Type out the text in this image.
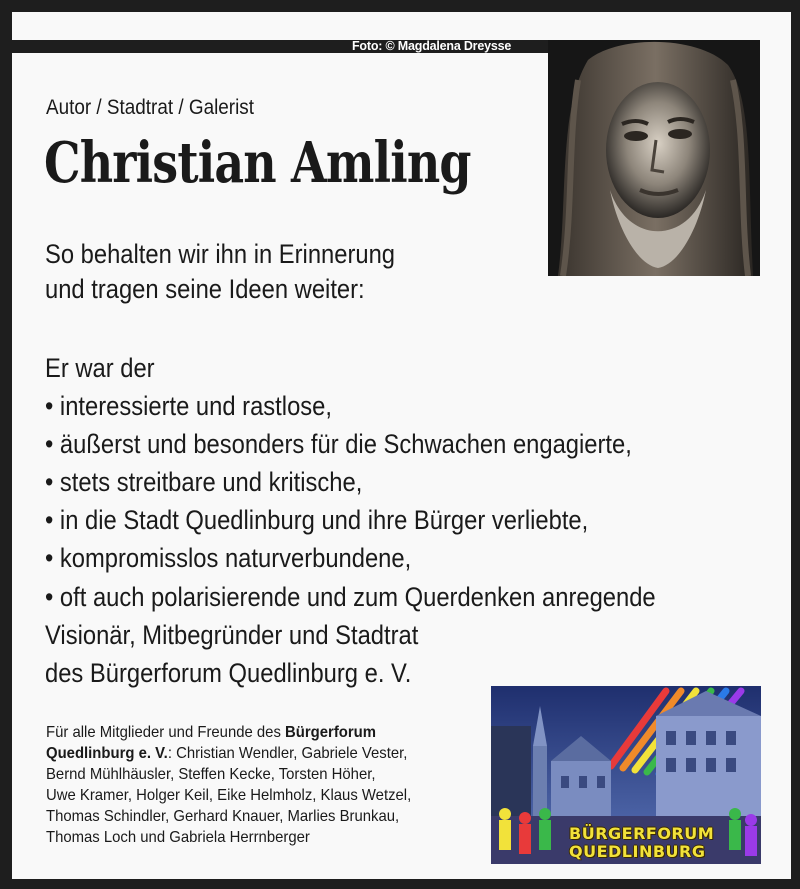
Foto: © Magdalena Dreysse
Autor / Stadtrat / Galerist
Christian Amling
So behalten wir ihn in Erinnerung
und tragen seine Ideen weiter:
Er war der
• interessierte und rastlose,
• äußerst und besonders für die Schwachen engagierte,
• stets streitbare und kritische,
• in die Stadt Quedlinburg und ihre Bürger verliebte,
• kompromisslos naturverbundene,
• oft auch polarisierende und zum Querdenken anregende
Visionär, Mitbegründer und Stadtrat
des Bürgerforum Quedlinburg e. V.
Für alle Mitglieder und Freunde des Bürgerforum
Quedlinburg e. V.: Christian Wendler, Gabriele Vester,
Bernd Mühlhäusler, Steffen Kecke, Torsten Höher,
Uwe Kramer, Holger Keil, Eike Helmholz, Klaus Wetzel,
Thomas Schindler, Gerhard Knauer, Marlies Brunkau,
Thomas Loch und Gabriela Herrnberger	BÜRGERFORUM
QUEDLINBURG
